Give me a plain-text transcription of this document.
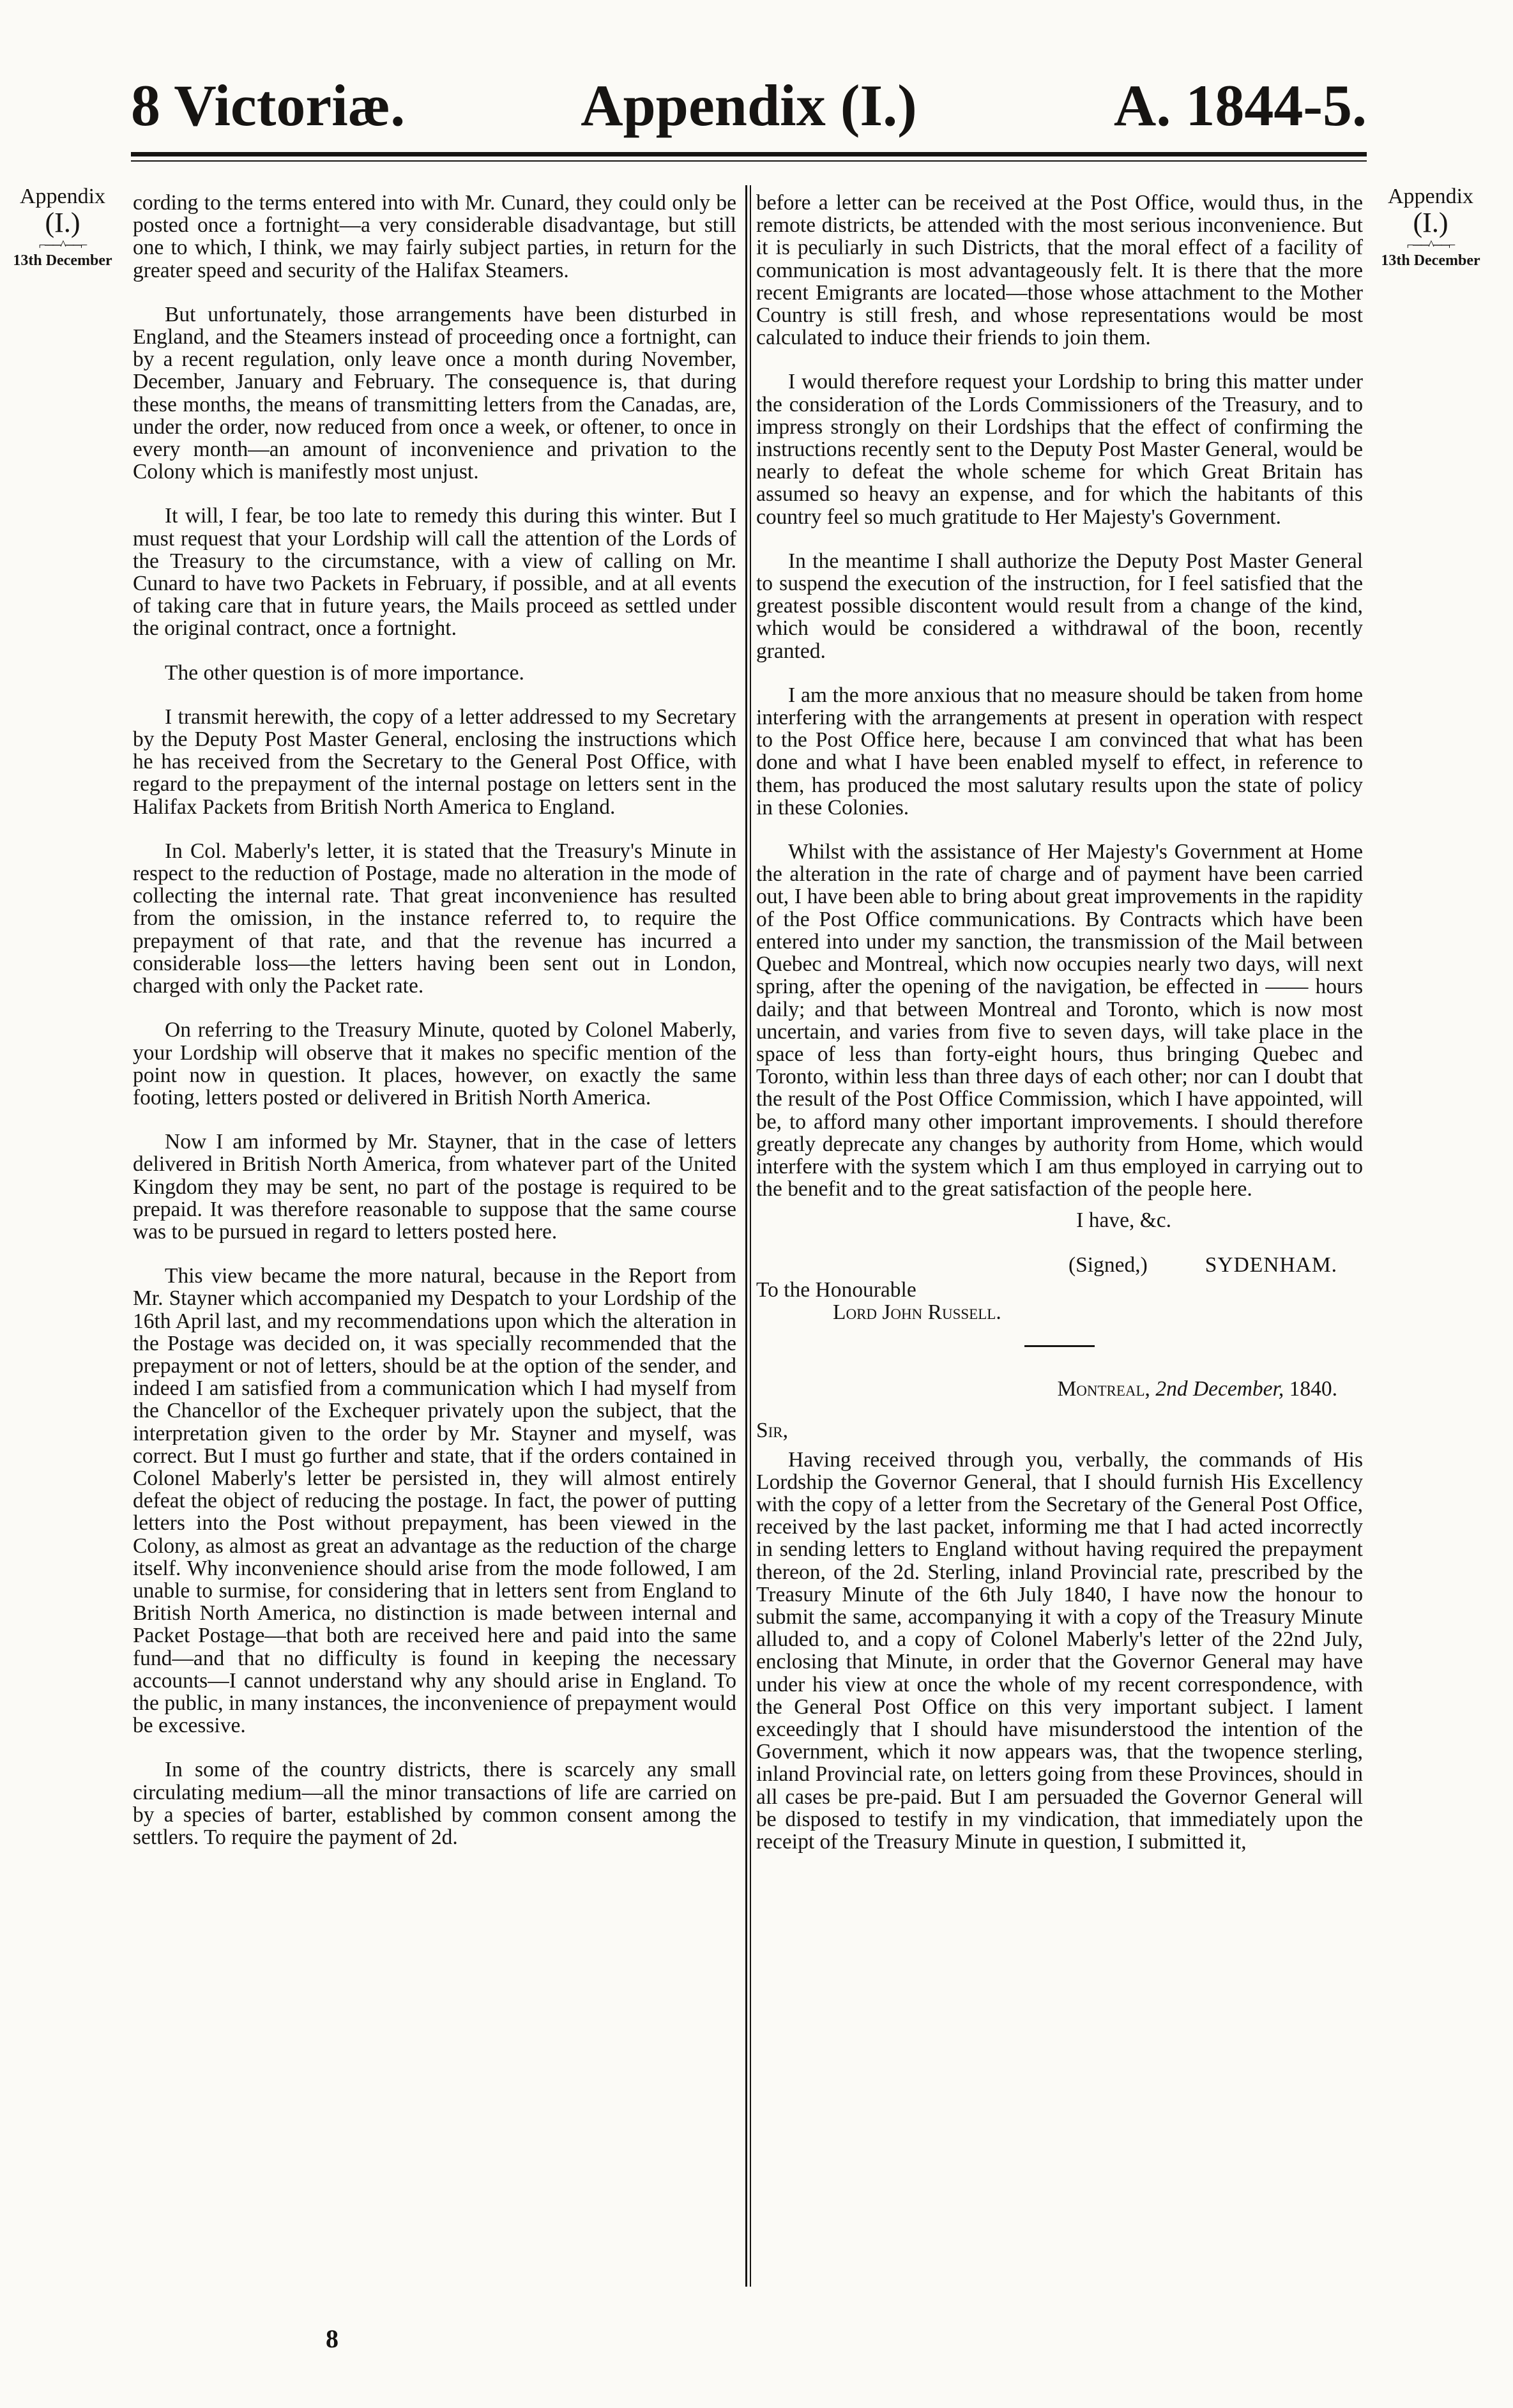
8 Victoriæ.	Appendix (I.)	A. 1844-5.
Appendix
(I.)
⌐──^──⌐
13th December
Appendix
(I.)
⌐──^──⌐
13th December

cording to the terms entered into with Mr. Cunard, they could only be posted once a fortnight—a very considerable disadvantage, but still one to which, I think, we may fairly subject parties, in return for the greater speed and security of the Halifax Steamers.

But unfortunately, those arrangements have been disturbed in England, and the Steamers instead of proceeding once a fortnight, can by a recent regulation, only leave once a month during November, December, January and February. The consequence is, that during these months, the means of transmitting letters from the Canadas, are, under the order, now reduced from once a week, or oftener, to once in every month—an amount of inconvenience and privation to the Colony which is manifestly most unjust.

It will, I fear, be too late to remedy this during this winter. But I must request that your Lordship will call the attention of the Lords of the Treasury to the circumstance, with a view of calling on Mr. Cunard to have two Packets in February, if possible, and at all events of taking care that in future years, the Mails proceed as settled under the original contract, once a fortnight.

The other question is of more importance.

I transmit herewith, the copy of a letter addressed to my Secretary by the Deputy Post Master General, enclosing the instructions which he has received from the Secretary to the General Post Office, with regard to the prepayment of the internal postage on letters sent in the Halifax Packets from British North America to England.

In Col. Maberly's letter, it is stated that the Treasury's Minute in respect to the reduction of Postage, made no alteration in the mode of collecting the internal rate. That great inconvenience has resulted from the omission, in the instance referred to, to require the prepayment of that rate, and that the revenue has incurred a considerable loss—the letters having been sent out in London, charged with only the Packet rate.

On referring to the Treasury Minute, quoted by Colonel Maberly, your Lordship will observe that it makes no specific mention of the point now in question. It places, however, on exactly the same footing, letters posted or delivered in British North America.

Now I am informed by Mr. Stayner, that in the case of letters delivered in British North America, from whatever part of the United Kingdom they may be sent, no part of the postage is required to be prepaid. It was therefore reasonable to suppose that the same course was to be pursued in regard to letters posted here.

This view became the more natural, because in the Report from Mr. Stayner which accompanied my Despatch to your Lordship of the 16th April last, and my recommendations upon which the alteration in the Postage was decided on, it was specially recommended that the prepayment or not of letters, should be at the option of the sender, and indeed I am satisfied from a communication which I had myself from the Chancellor of the Exchequer privately upon the subject, that the interpretation given to the order by Mr. Stayner and myself, was correct. But I must go further and state, that if the orders contained in Colonel Maberly's letter be persisted in, they will almost entirely defeat the object of reducing the postage. In fact, the power of putting letters into the Post without prepayment, has been viewed in the Colony, as almost as great an advantage as the reduction of the charge itself. Why inconvenience should arise from the mode followed, I am unable to surmise, for considering that in letters sent from England to British North America, no distinction is made between internal and Packet Postage—that both are received here and paid into the same fund—and that no difficulty is found in keeping the necessary accounts—I cannot understand why any should arise in England. To the public, in many instances, the inconvenience of prepayment would be excessive.

In some of the country districts, there is scarcely any small circulating medium—all the minor transactions of life are carried on by a species of barter, established by common consent among the settlers. To require the payment of 2d.

before a letter can be received at the Post Office, would thus, in the remote districts, be attended with the most serious inconvenience. But it is peculiarly in such Districts, that the moral effect of a facility of communication is most advantageously felt. It is there that the more recent Emigrants are located—those whose attachment to the Mother Country is still fresh, and whose representations would be most calculated to induce their friends to join them.

I would therefore request your Lordship to bring this matter under the consideration of the Lords Commissioners of the Treasury, and to impress strongly on their Lordships that the effect of confirming the instructions recently sent to the Deputy Post Master General, would be nearly to defeat the whole scheme for which Great Britain has assumed so heavy an expense, and for which the habitants of this country feel so much gratitude to Her Majesty's Government.

In the meantime I shall authorize the Deputy Post Master General to suspend the execution of the instruction, for I feel satisfied that the greatest possible discontent would result from a change of the kind, which would be considered a withdrawal of the boon, recently granted.

I am the more anxious that no measure should be taken from home interfering with the arrangements at present in operation with respect to the Post Office here, because I am convinced that what has been done and what I have been enabled myself to effect, in reference to them, has produced the most salutary results upon the state of policy in these Colonies.

Whilst with the assistance of Her Majesty's Government at Home the alteration in the rate of charge and of payment have been carried out, I have been able to bring about great improvements in the rapidity of the Post Office communications. By Contracts which have been entered into under my sanction, the transmission of the Mail between Quebec and Montreal, which now occupies nearly two days, will next spring, after the opening of the navigation, be effected in —— hours daily; and that between Montreal and Toronto, which is now most uncertain, and varies from five to seven days, will take place in the space of less than forty-eight hours, thus bringing Quebec and Toronto, within less than three days of each other; nor can I doubt that the result of the Post Office Commission, which I have appointed, will be, to afford many other important improvements. I should therefore greatly deprecate any changes by authority from Home, which would interfere with the system which I am thus employed in carrying out to the benefit and to the great satisfaction of the people here.

I have, &c.

(Signed,)	SYDENHAM.
To the Honourable
Lord John Russell.
Montreal, 2nd December, 1840.
Sir,

Having received through you, verbally, the commands of His Lordship the Governor General, that I should furnish His Excellency with the copy of a letter from the Secretary of the General Post Office, received by the last packet, informing me that I had acted incorrectly in sending letters to England without having required the prepayment thereon, of the 2d. Sterling, inland Provincial rate, prescribed by the Treasury Minute of the 6th July 1840, I have now the honour to submit the same, accompanying it with a copy of the Treasury Minute alluded to, and a copy of Colonel Maberly's letter of the 22nd July, enclosing that Minute, in order that the Governor General may have under his view at once the whole of my recent correspondence, with the General Post Office on this very important subject. I lament exceedingly that I should have misunderstood the intention of the Government, which it now appears was, that the twopence sterling, inland Provincial rate, on letters going from these Provinces, should in all cases be pre-paid. But I am persuaded the Governor General will be disposed to testify in my vindication, that immediately upon the receipt of the Treasury Minute in question, I submitted it,

8
